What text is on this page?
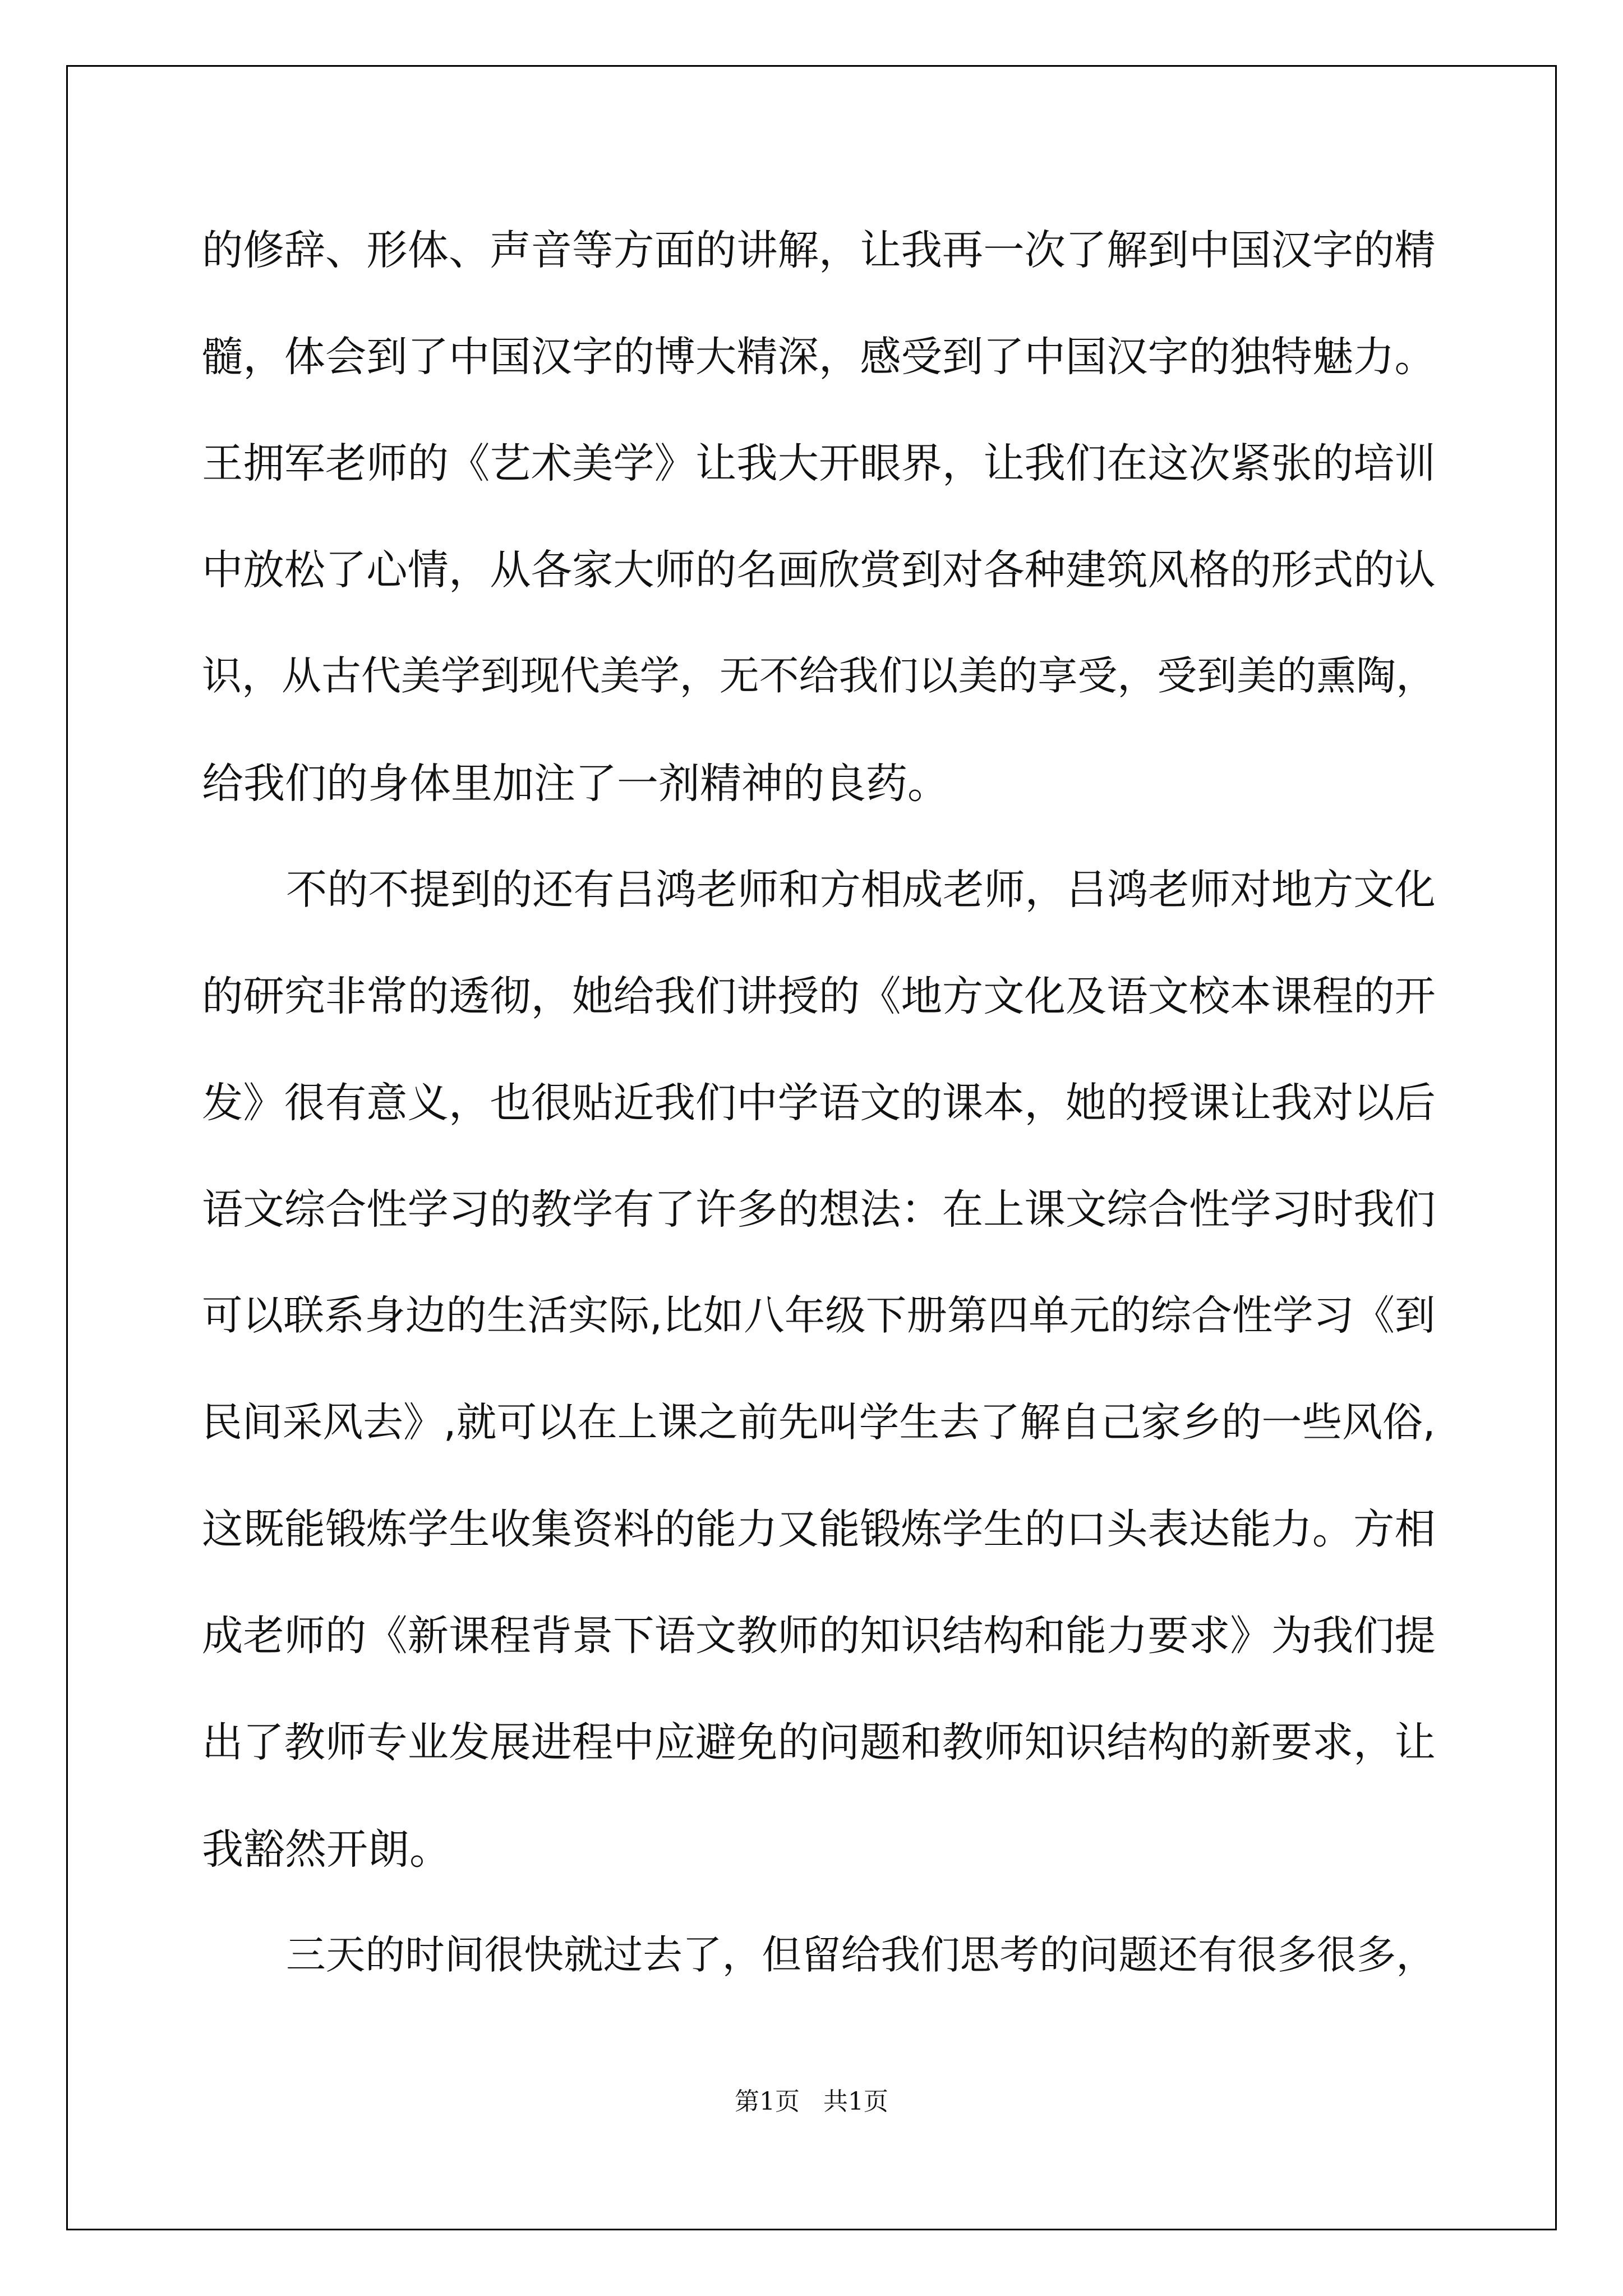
的修辞、形体、声音等方面的讲解，让我再一次了解到中国汉字的精
髓，体会到了中国汉字的博大精深，感受到了中国汉字的独特魅力。
王拥军老师的《艺术美学》让我大开眼界，让我们在这次紧张的培训
中放松了心情，从各家大师的名画欣赏到对各种建筑风格的形式的认
识，从古代美学到现代美学，无不给我们以美的享受，受到美的熏陶，
给我们的身体里加注了一剂精神的良药。
不的不提到的还有吕鸿老师和方相成老师，吕鸿老师对地方文化
的研究非常的透彻，她给我们讲授的《地方文化及语文校本课程的开
发》很有意义，也很贴近我们中学语文的课本，她的授课让我对以后
语文综合性学习的教学有了许多的想法：在上课文综合性学习时我们
可以联系身边的生活实际,比如八年级下册第四单元的综合性学习《到
民间采风去》,就可以在上课之前先叫学生去了解自己家乡的一些风俗,
这既能锻炼学生收集资料的能力又能锻炼学生的口头表达能力。方相
成老师的《新课程背景下语文教师的知识结构和能力要求》为我们提
出了教师专业发展进程中应避免的问题和教师知识结构的新要求，让
我豁然开朗。
三天的时间很快就过去了，但留给我们思考的问题还有很多很多，
第1页   共1页
